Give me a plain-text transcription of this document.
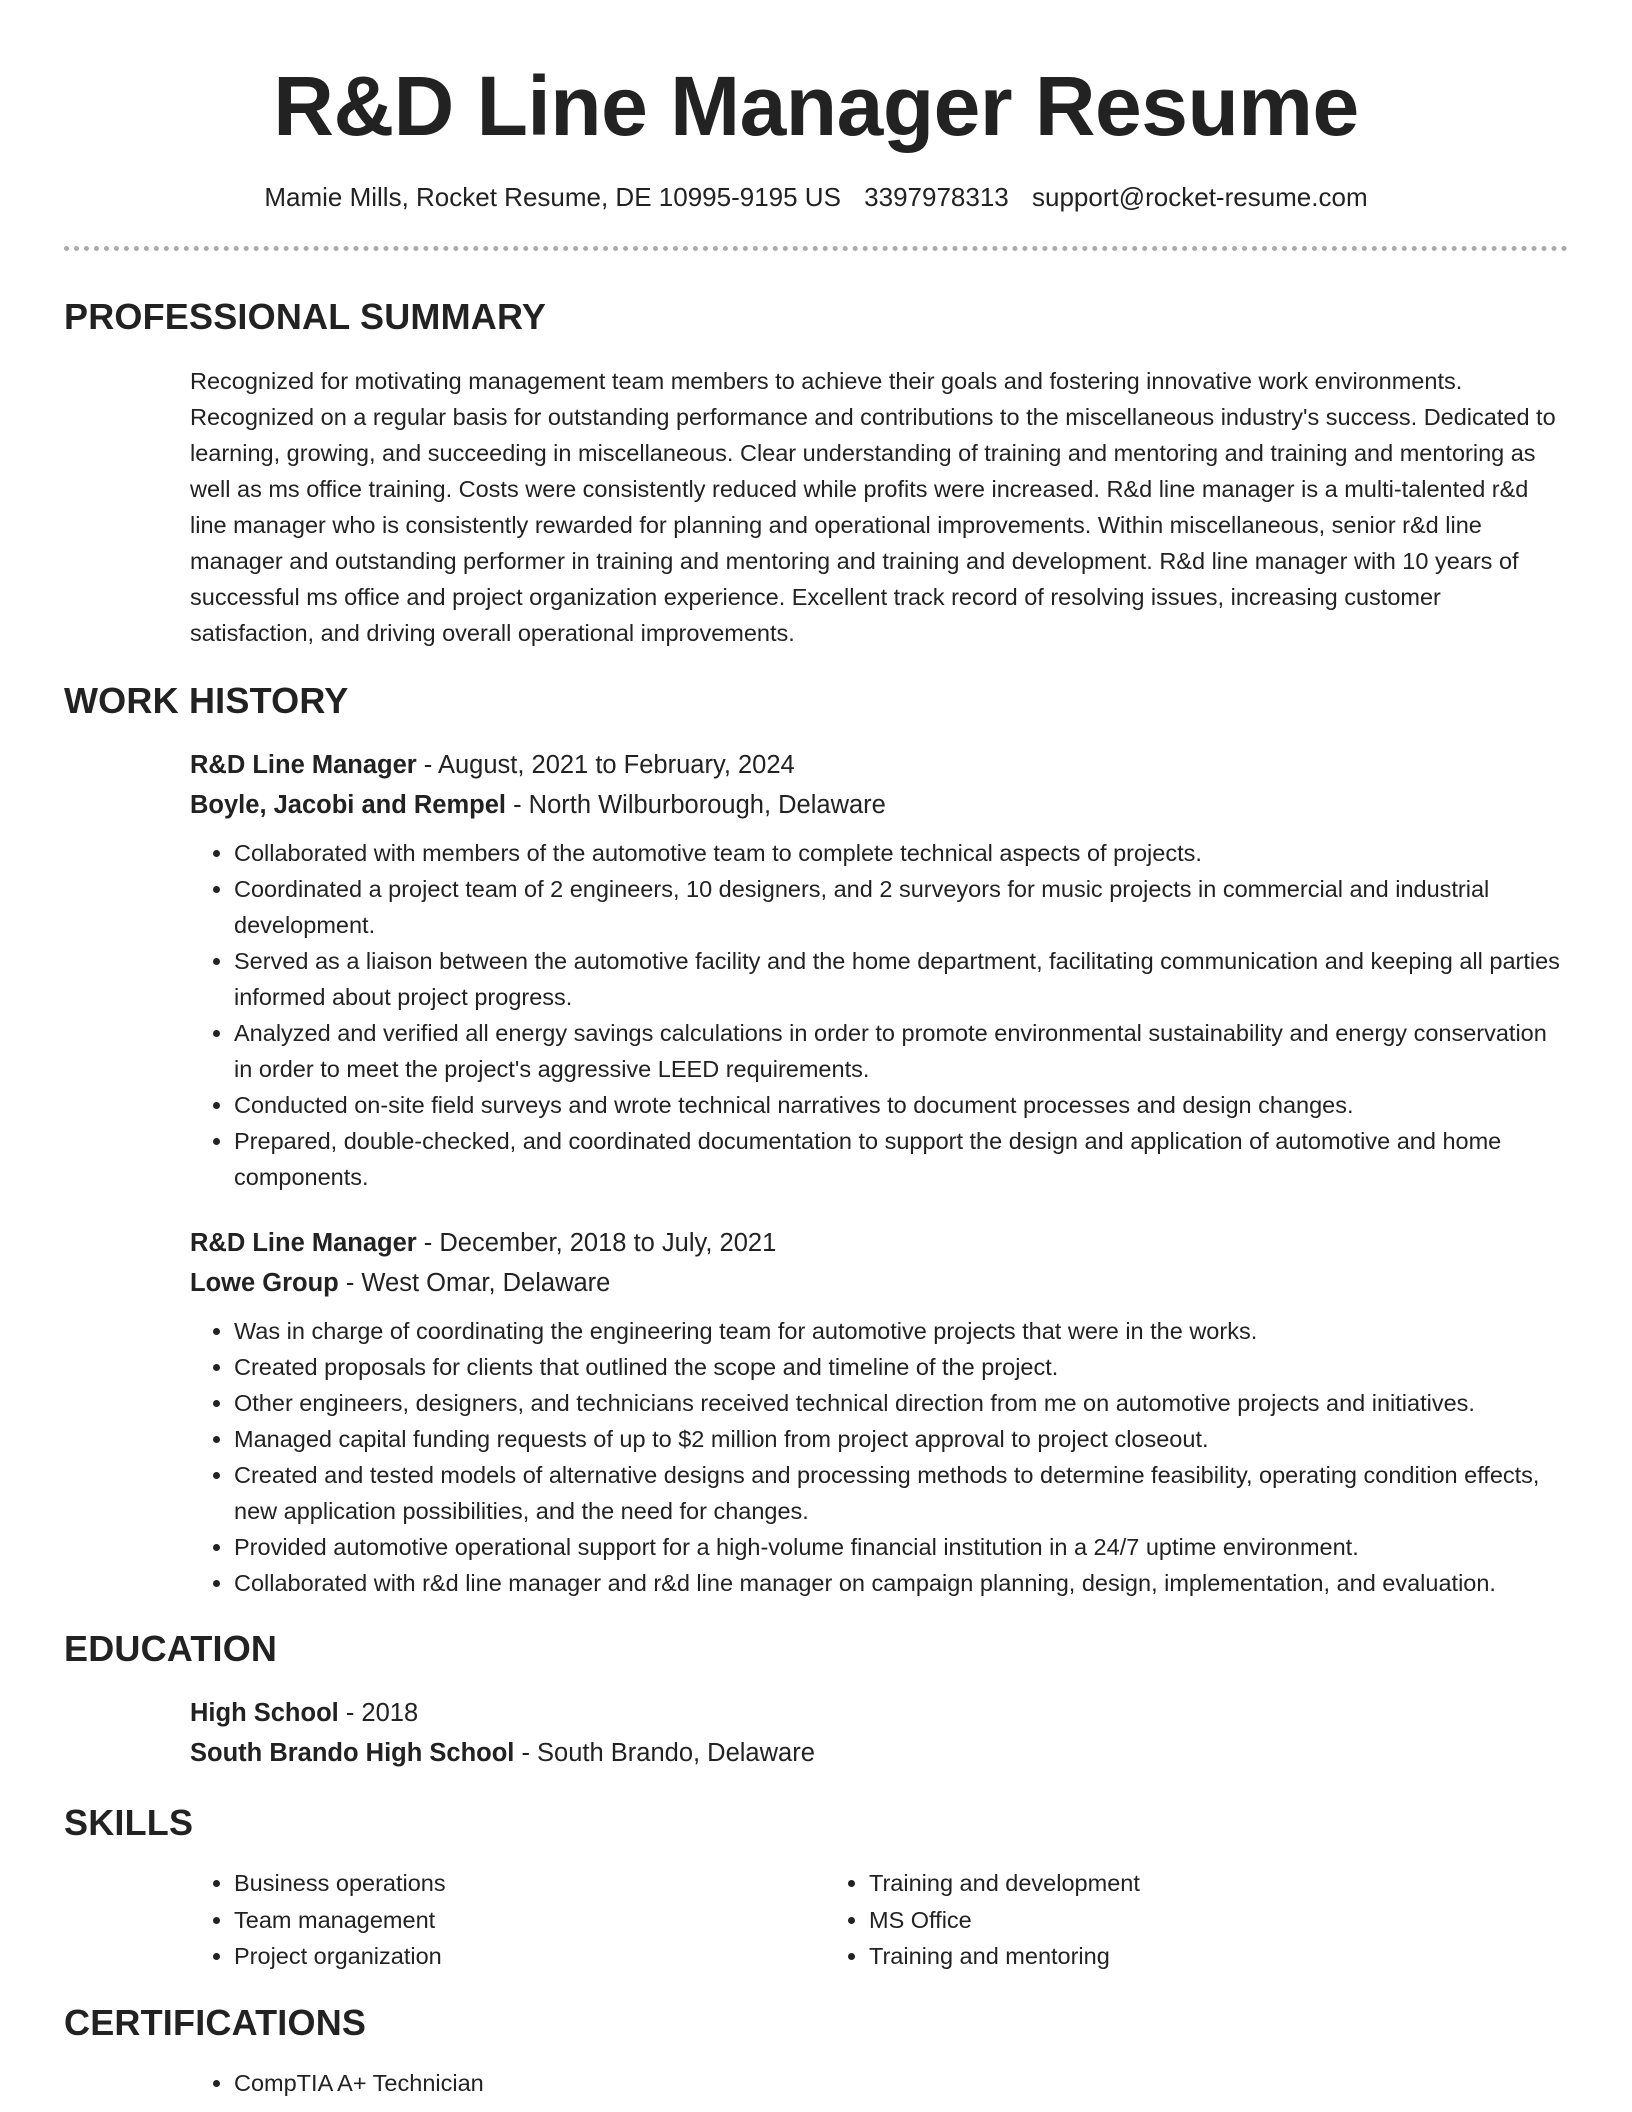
R&D Line Manager Resume
Mamie Mills, Rocket Resume, DE 10995-9195 US 3397978313 support@rocket-resume.com
PROFESSIONAL SUMMARY
Recognized for motivating management team members to achieve their goals and fostering innovative work environments. Recognized on a regular basis for outstanding performance and contributions to the miscellaneous industry's success. Dedicated to learning, growing, and succeeding in miscellaneous. Clear understanding of training and mentoring and training and mentoring as well as ms office training. Costs were consistently reduced while profits were increased. R&d line manager is a multi-talented r&d line manager who is consistently rewarded for planning and operational improvements. Within miscellaneous, senior r&d line manager and outstanding performer in training and mentoring and training and development. R&d line manager with 10 years of successful ms office and project organization experience. Excellent track record of resolving issues, increasing customer satisfaction, and driving overall operational improvements.
WORK HISTORY
R&D Line Manager - August, 2021 to February, 2024
Boyle, Jacobi and Rempel - North Wilburborough, Delaware
• Collaborated with members of the automotive team to complete technical aspects of projects.
• Coordinated a project team of 2 engineers, 10 designers, and 2 surveyors for music projects in commercial and industrial development.
• Served as a liaison between the automotive facility and the home department, facilitating communication and keeping all parties informed about project progress.
• Analyzed and verified all energy savings calculations in order to promote environmental sustainability and energy conservation in order to meet the project's aggressive LEED requirements.
• Conducted on-site field surveys and wrote technical narratives to document processes and design changes.
• Prepared, double-checked, and coordinated documentation to support the design and application of automotive and home components.
R&D Line Manager - December, 2018 to July, 2021
Lowe Group - West Omar, Delaware
• Was in charge of coordinating the engineering team for automotive projects that were in the works.
• Created proposals for clients that outlined the scope and timeline of the project.
• Other engineers, designers, and technicians received technical direction from me on automotive projects and initiatives.
• Managed capital funding requests of up to $2 million from project approval to project closeout.
• Created and tested models of alternative designs and processing methods to determine feasibility, operating condition effects, new application possibilities, and the need for changes.
• Provided automotive operational support for a high-volume financial institution in a 24/7 uptime environment.
• Collaborated with r&d line manager and r&d line manager on campaign planning, design, implementation, and evaluation.
EDUCATION
High School - 2018
South Brando High School - South Brando, Delaware
SKILLS
• Business operations
• Team management
• Project organization
• Training and development
• MS Office
• Training and mentoring
CERTIFICATIONS
• CompTIA A+ Technician
